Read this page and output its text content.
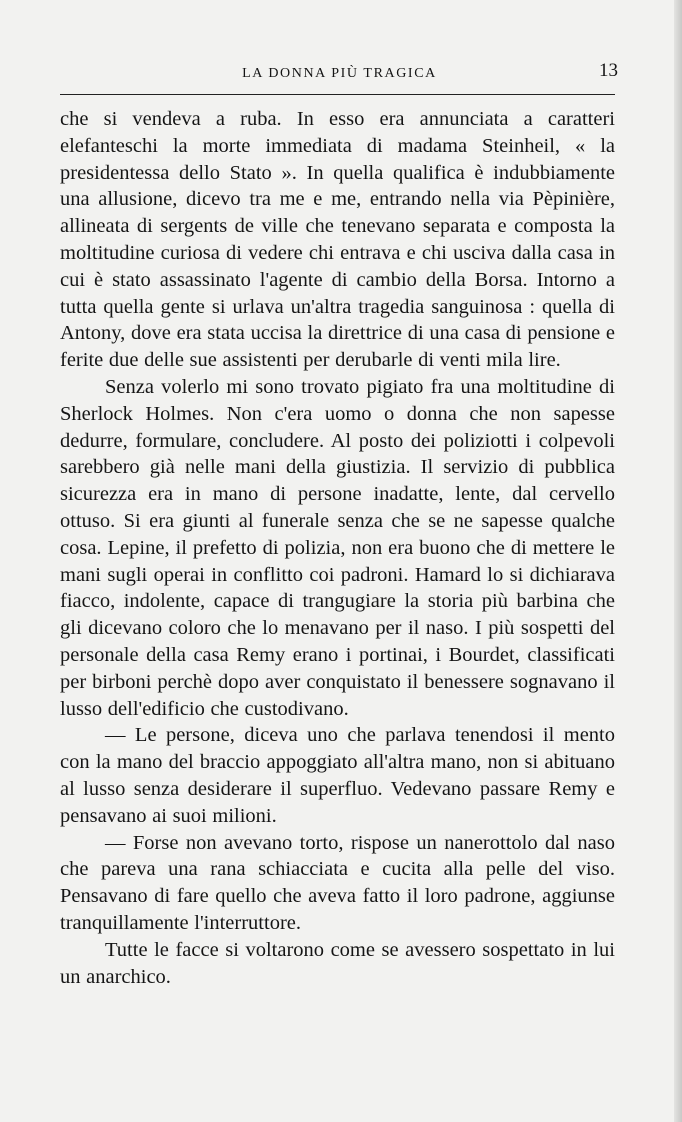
LA DONNA PIÙ TRAGICA	13

che si vendeva a ruba. In esso era annunciata a caratteri elefanteschi la morte immediata di madama Steinheil, « la presidentessa dello Stato ». In quella qualifica è indubbiamente una allusione, dicevo tra me e me, entrando nella via Pèpinière, allineata di sergents de ville che tenevano separata e composta la moltitudine curiosa di vedere chi entrava e chi usciva dalla casa in cui è stato assassinato l'agente di cambio della Borsa. Intorno a tutta quella gente si urlava un'altra tragedia sanguinosa : quella di Antony, dove era stata uccisa la direttrice di una casa di pensione e ferite due delle sue assistenti per derubarle di venti mila lire.

Senza volerlo mi sono trovato pigiato fra una moltitudine di Sherlock Holmes. Non c'era uomo o donna che non sapesse dedurre, formulare, concludere. Al posto dei poliziotti i colpevoli sarebbero già nelle mani della giustizia. Il servizio di pubblica sicurezza era in mano di persone inadatte, lente, dal cervello ottuso. Si era giunti al funerale senza che se ne sapesse qualche cosa. Lepine, il prefetto di polizia, non era buono che di mettere le mani sugli operai in conflitto coi padroni. Hamard lo si dichiarava fiacco, indolente, capace di trangugiare la storia più barbina che gli dicevano coloro che lo menavano per il naso. I più sospetti del personale della casa Remy erano i portinai, i Bourdet, classificati per birboni perchè dopo aver conquistato il benessere sognavano il lusso dell'edificio che custodivano.

— Le persone, diceva uno che parlava tenendosi il mento con la mano del braccio appoggiato all'altra mano, non si abituano al lusso senza desiderare il superfluo. Vedevano passare Remy e pensavano ai suoi milioni.

— Forse non avevano torto, rispose un nanerottolo dal naso che pareva una rana schiacciata e cucita alla pelle del viso. Pensavano di fare quello che aveva fatto il loro padrone, aggiunse tranquillamente l'interruttore.

Tutte le facce si voltarono come se avessero sospettato in lui un anarchico.
